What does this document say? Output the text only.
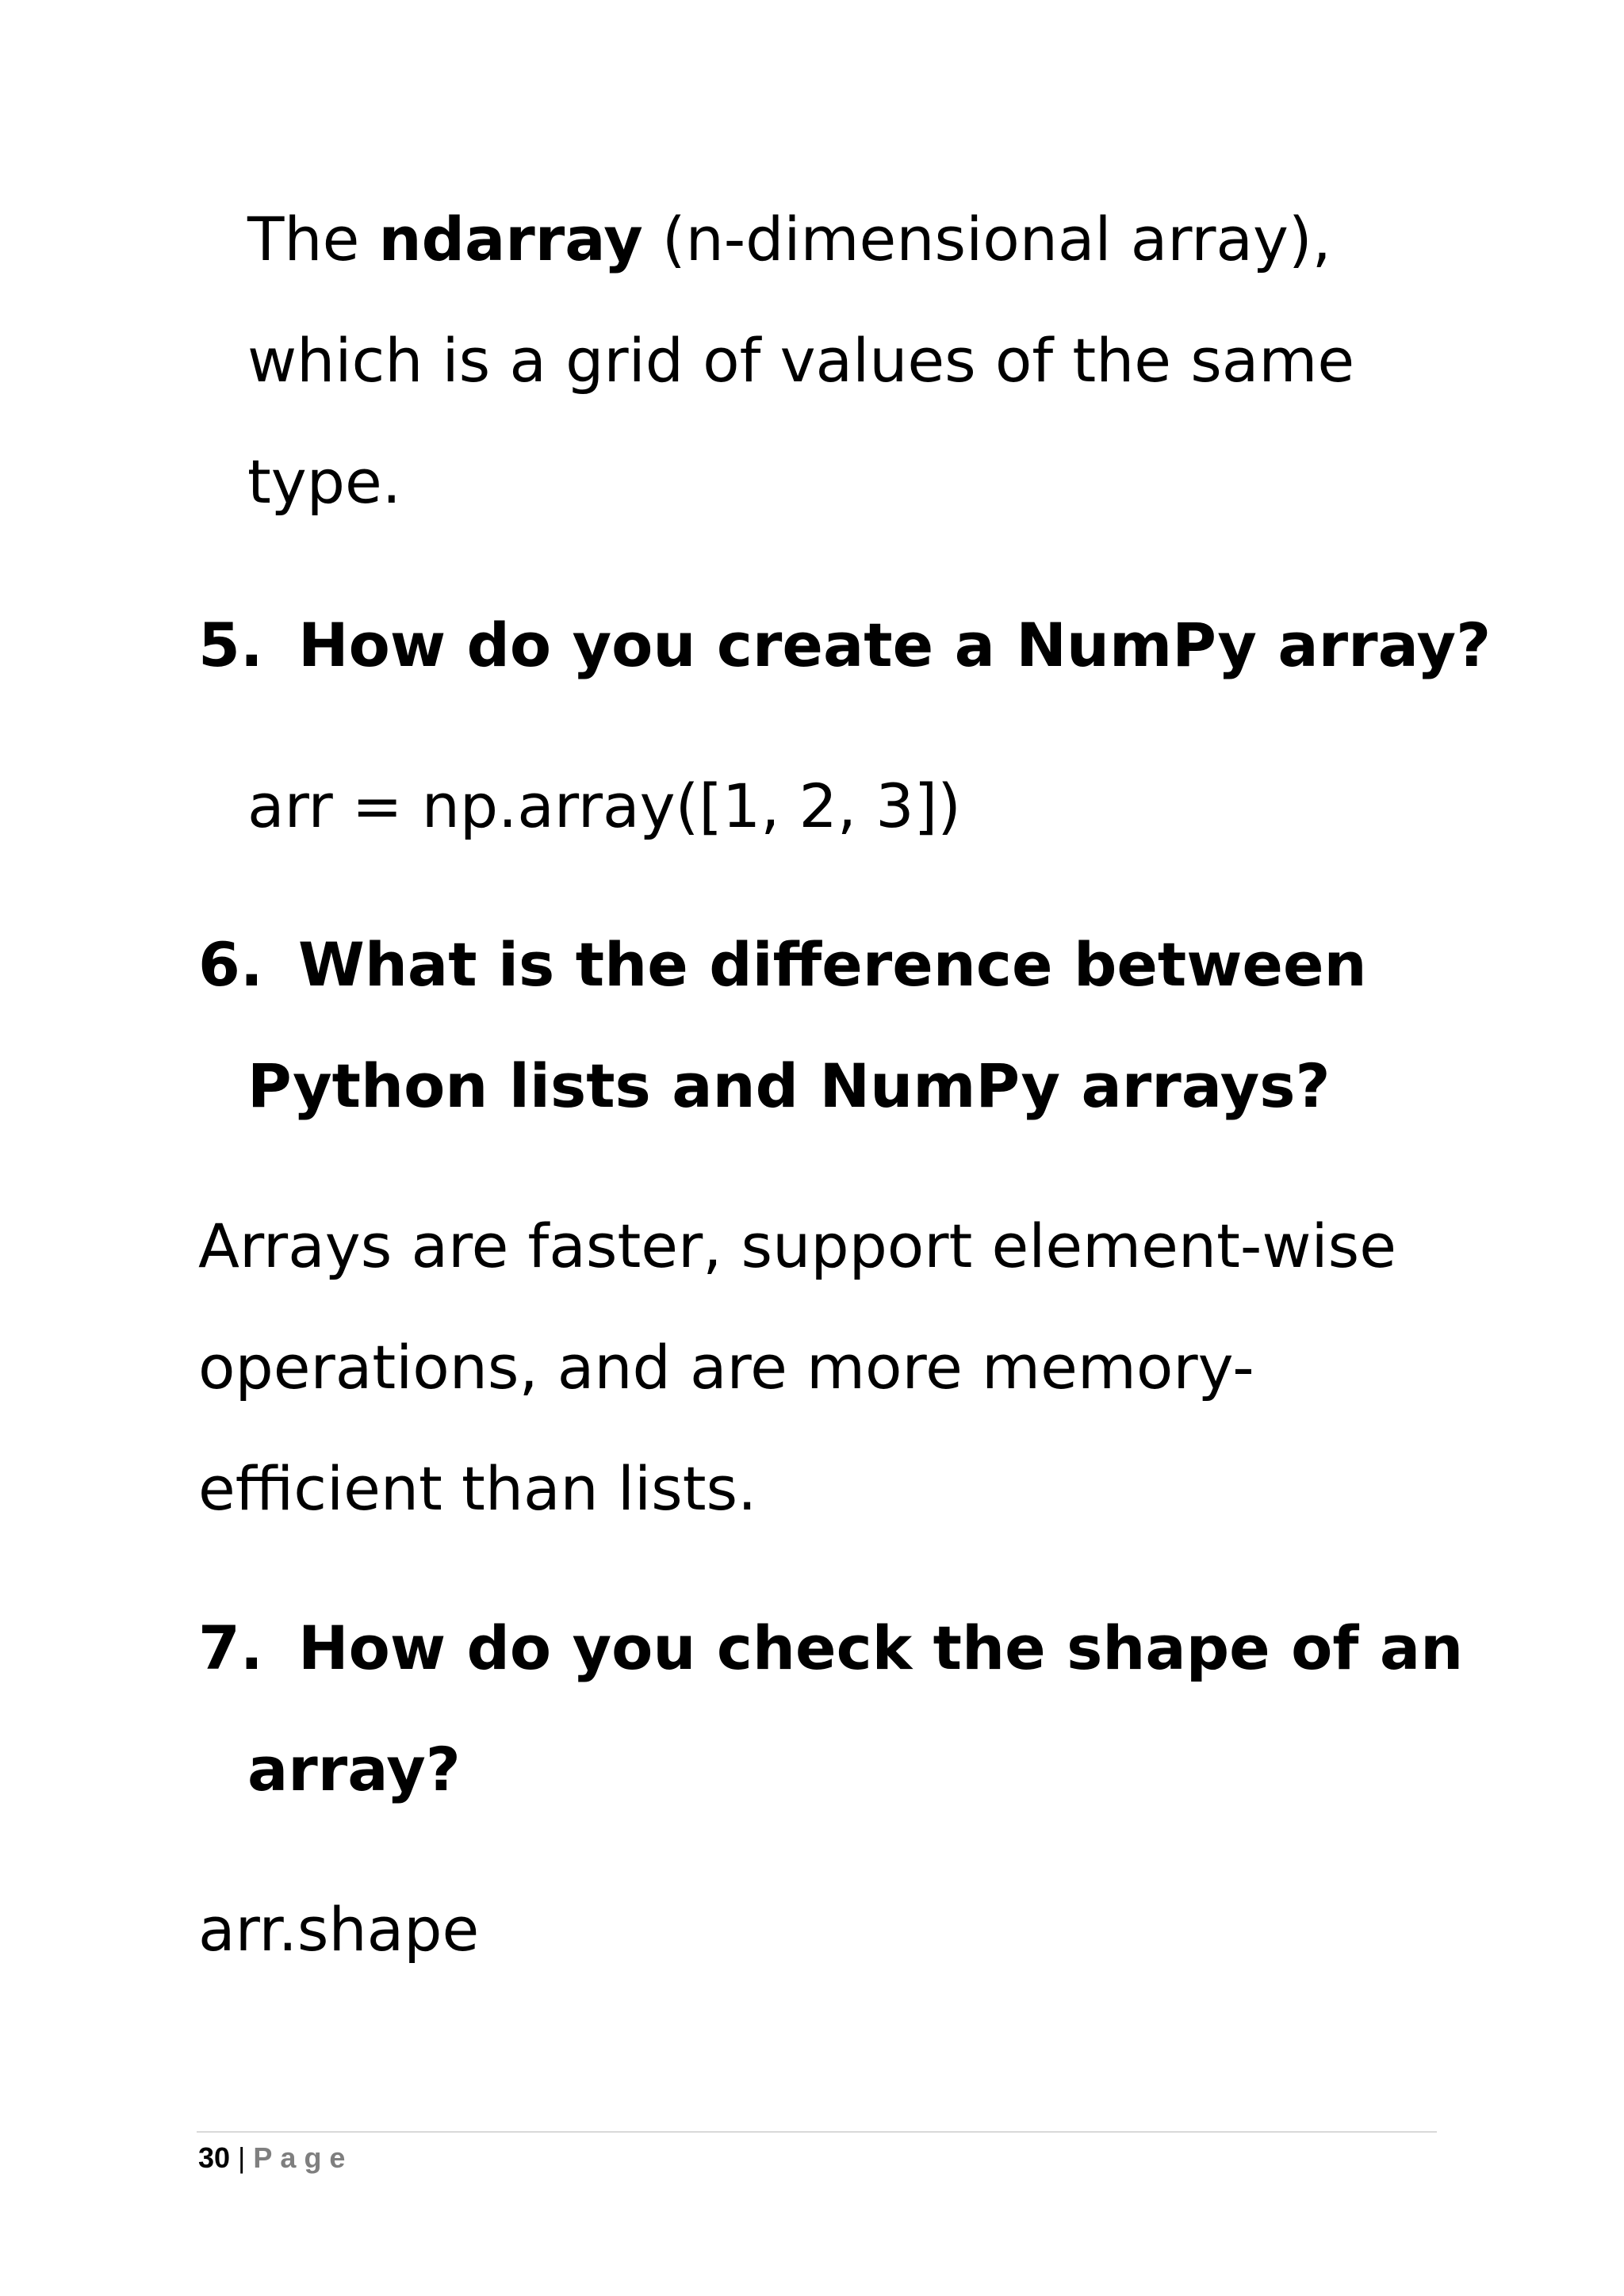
The ndarray (n-dimensional array),
which is a grid of values of the same
type.
5. How do you create a NumPy array?
arr = np.array([1, 2, 3])
6. What is the difference between
Python lists and NumPy arrays?
Arrays are faster, support element-wise
operations, and are more memory-
efficient than lists.
7. How do you check the shape of an
array?
arr.shape
30 | Page
